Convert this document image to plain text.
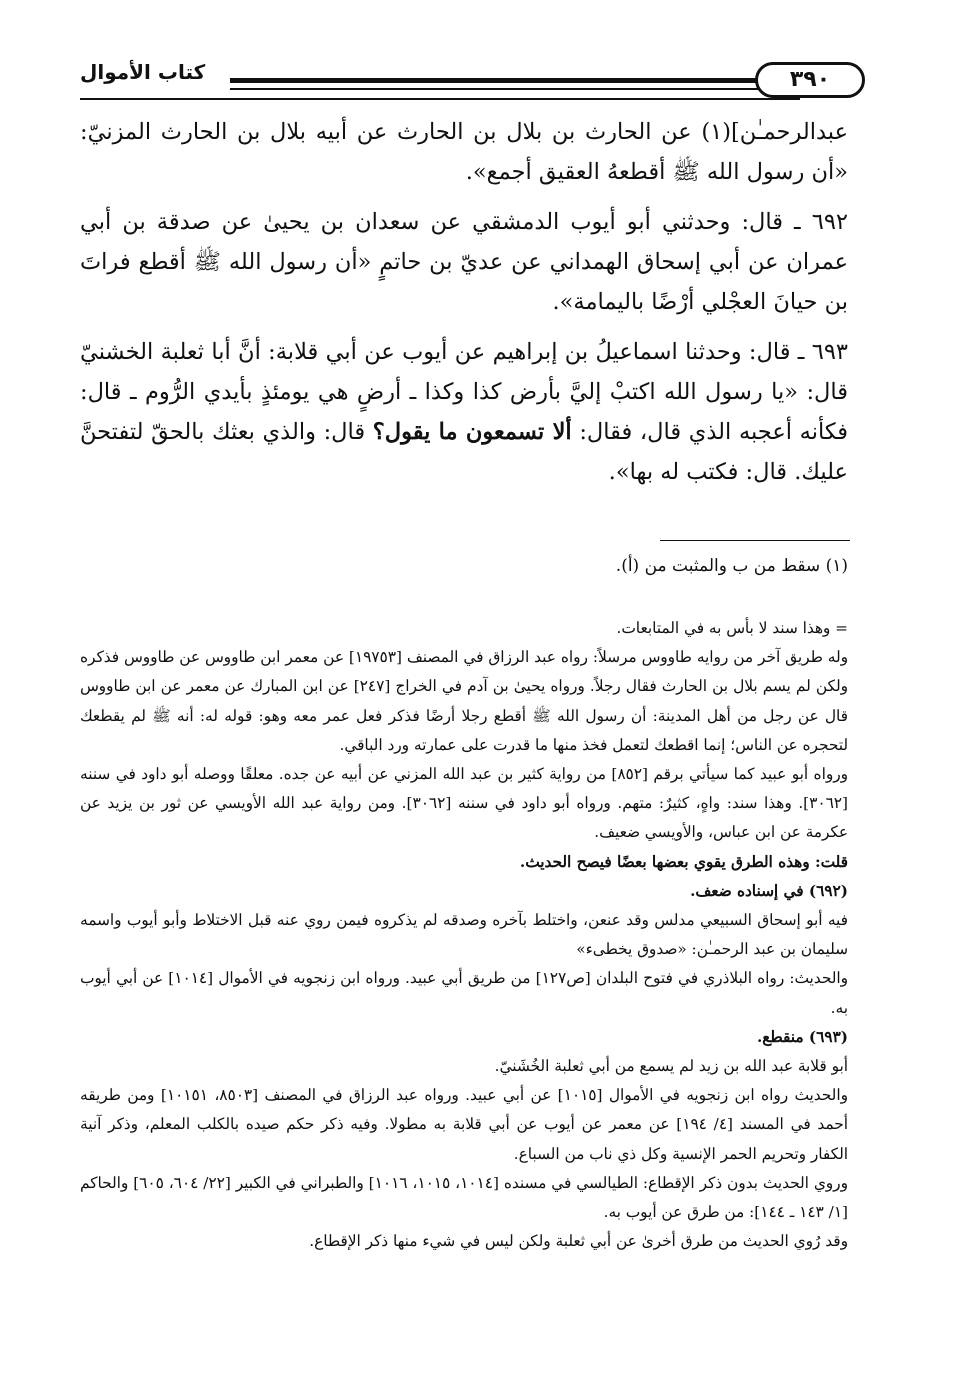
كتاب الأموال	٣٩٠

عبدالرحمـٰن](١) عن الحارث بن بلال بن الحارث عن أبيه بلال بن الحارث المزنيّ: «أن رسول الله ﷺ أقطعهُ العقيق أجمع».

٦٩٢ ـ قال: وحدثني أبو أيوب الدمشقي عن سعدان بن يحيىٰ عن صدقة بن أبي عمران عن أبي إسحاق الهمداني عن عديّ بن حاتمٍ «أن رسول الله ﷺ أقطع فراتَ بن حيانَ العجْلي أرْضًا باليمامة».

٦٩٣ ـ قال: وحدثنا اسماعيلُ بن إبراهيم عن أيوب عن أبي قلابة: أنَّ أبا ثعلبة الخشنيّ قال: «يا رسول الله اكتبْ إليَّ بأرض كذا وكذا ـ أرضٍ هي يومئذٍ بأيدي الرُّوم ـ قال: فكأنه أعجبه الذي قال، فقال: ألا تسمعون ما يقول؟ قال: والذي بعثك بالحقّ لتفتحنَّ عليك. قال: فكتب له بها».

(١) سقط من ب والمثبت من (أ).

= وهذا سند لا بأس به في المتابعات.

وله طريق آخر من روايه طاووس مرسلاً: رواه عبد الرزاق في المصنف [١٩٧٥٣] عن معمر ابن طاووس عن طاووس فذكره ولكن لم يسم بلال بن الحارث فقال رجلاً. ورواه يحيىٰ بن آدم في الخراج [٢٤٧] عن ابن المبارك عن معمر عن ابن طاووس قال عن رجل من أهل المدينة: أن رسول الله ﷺ أقطع رجلا أرضًا فذكر فعل عمر معه وهو: قوله له: أنه ﷺ لم يقطعك لتحجره عن الناس؛ إنما اقطعك لتعمل فخذ منها ما قدرت على عمارته ورد الباقي.

ورواه أبو عبيد كما سيأتي برقم [٨٥٢] من رواية كثير بن عبد الله المزني عن أبيه عن جده. معلقًا ووصله أبو داود في سننه [٣٠٦٢]. وهذا سند: واهٍ، كثيرٌ: متهم. ورواه أبو داود في سننه [٣٠٦٢]. ومن رواية عبد الله الأويسي عن ثور بن يزيد عن عكرمة عن ابن عباس، والأويسي ضعيف.

قلت: وهذه الطرق يقوي بعضها بعضًا فيصح الحديث.

(٦٩٢) في إسناده ضعف.

فيه أبو إسحاق السبيعي مدلس وقد عنعن، واختلط بآخره وصدقه لم يذكروه فيمن روي عنه قبل الاختلاط وأبو أيوب واسمه سليمان بن عبد الرحمـٰن: «صدوق يخطىء»

والحديث: رواه البلاذري في فتوح البلدان [ص١٢٧] من طريق أبي عبيد. ورواه ابن زنجويه في الأموال [١٠١٤] عن أبي أيوب به.

(٦٩٣) منقطع.

أبو قلابة عبد الله بن زيد لم يسمع من أبي ثعلبة الخُشَنيّ.

والحديث رواه ابن زنجويه في الأموال [١٠١٥] عن أبي عبيد. ورواه عبد الرزاق في المصنف [٨٥٠٣، ١٠١٥١] ومن طريقه أحمد في المسند [٤/ ١٩٤] عن معمر عن أيوب عن أبي قلابة به مطولا. وفيه ذكر حكم صيده بالكلب المعلم، وذكر آنية الكفار وتحريم الحمر الإنسية وكل ذي ناب من السباع.

وروي الحديث بدون ذكر الإقطاع: الطيالسي في مسنده [١٠١٤، ١٠١٥، ١٠١٦] والطبراني في الكبير [٢٢/ ٦٠٤، ٦٠٥] والحاكم [١/ ١٤٣ ـ ١٤٤]: من طرق عن أيوب به.

وقد رُوي الحديث من طرق أخرىٰ عن أبي ثعلبة ولكن ليس في شيء منها ذكر الإقطاع.
